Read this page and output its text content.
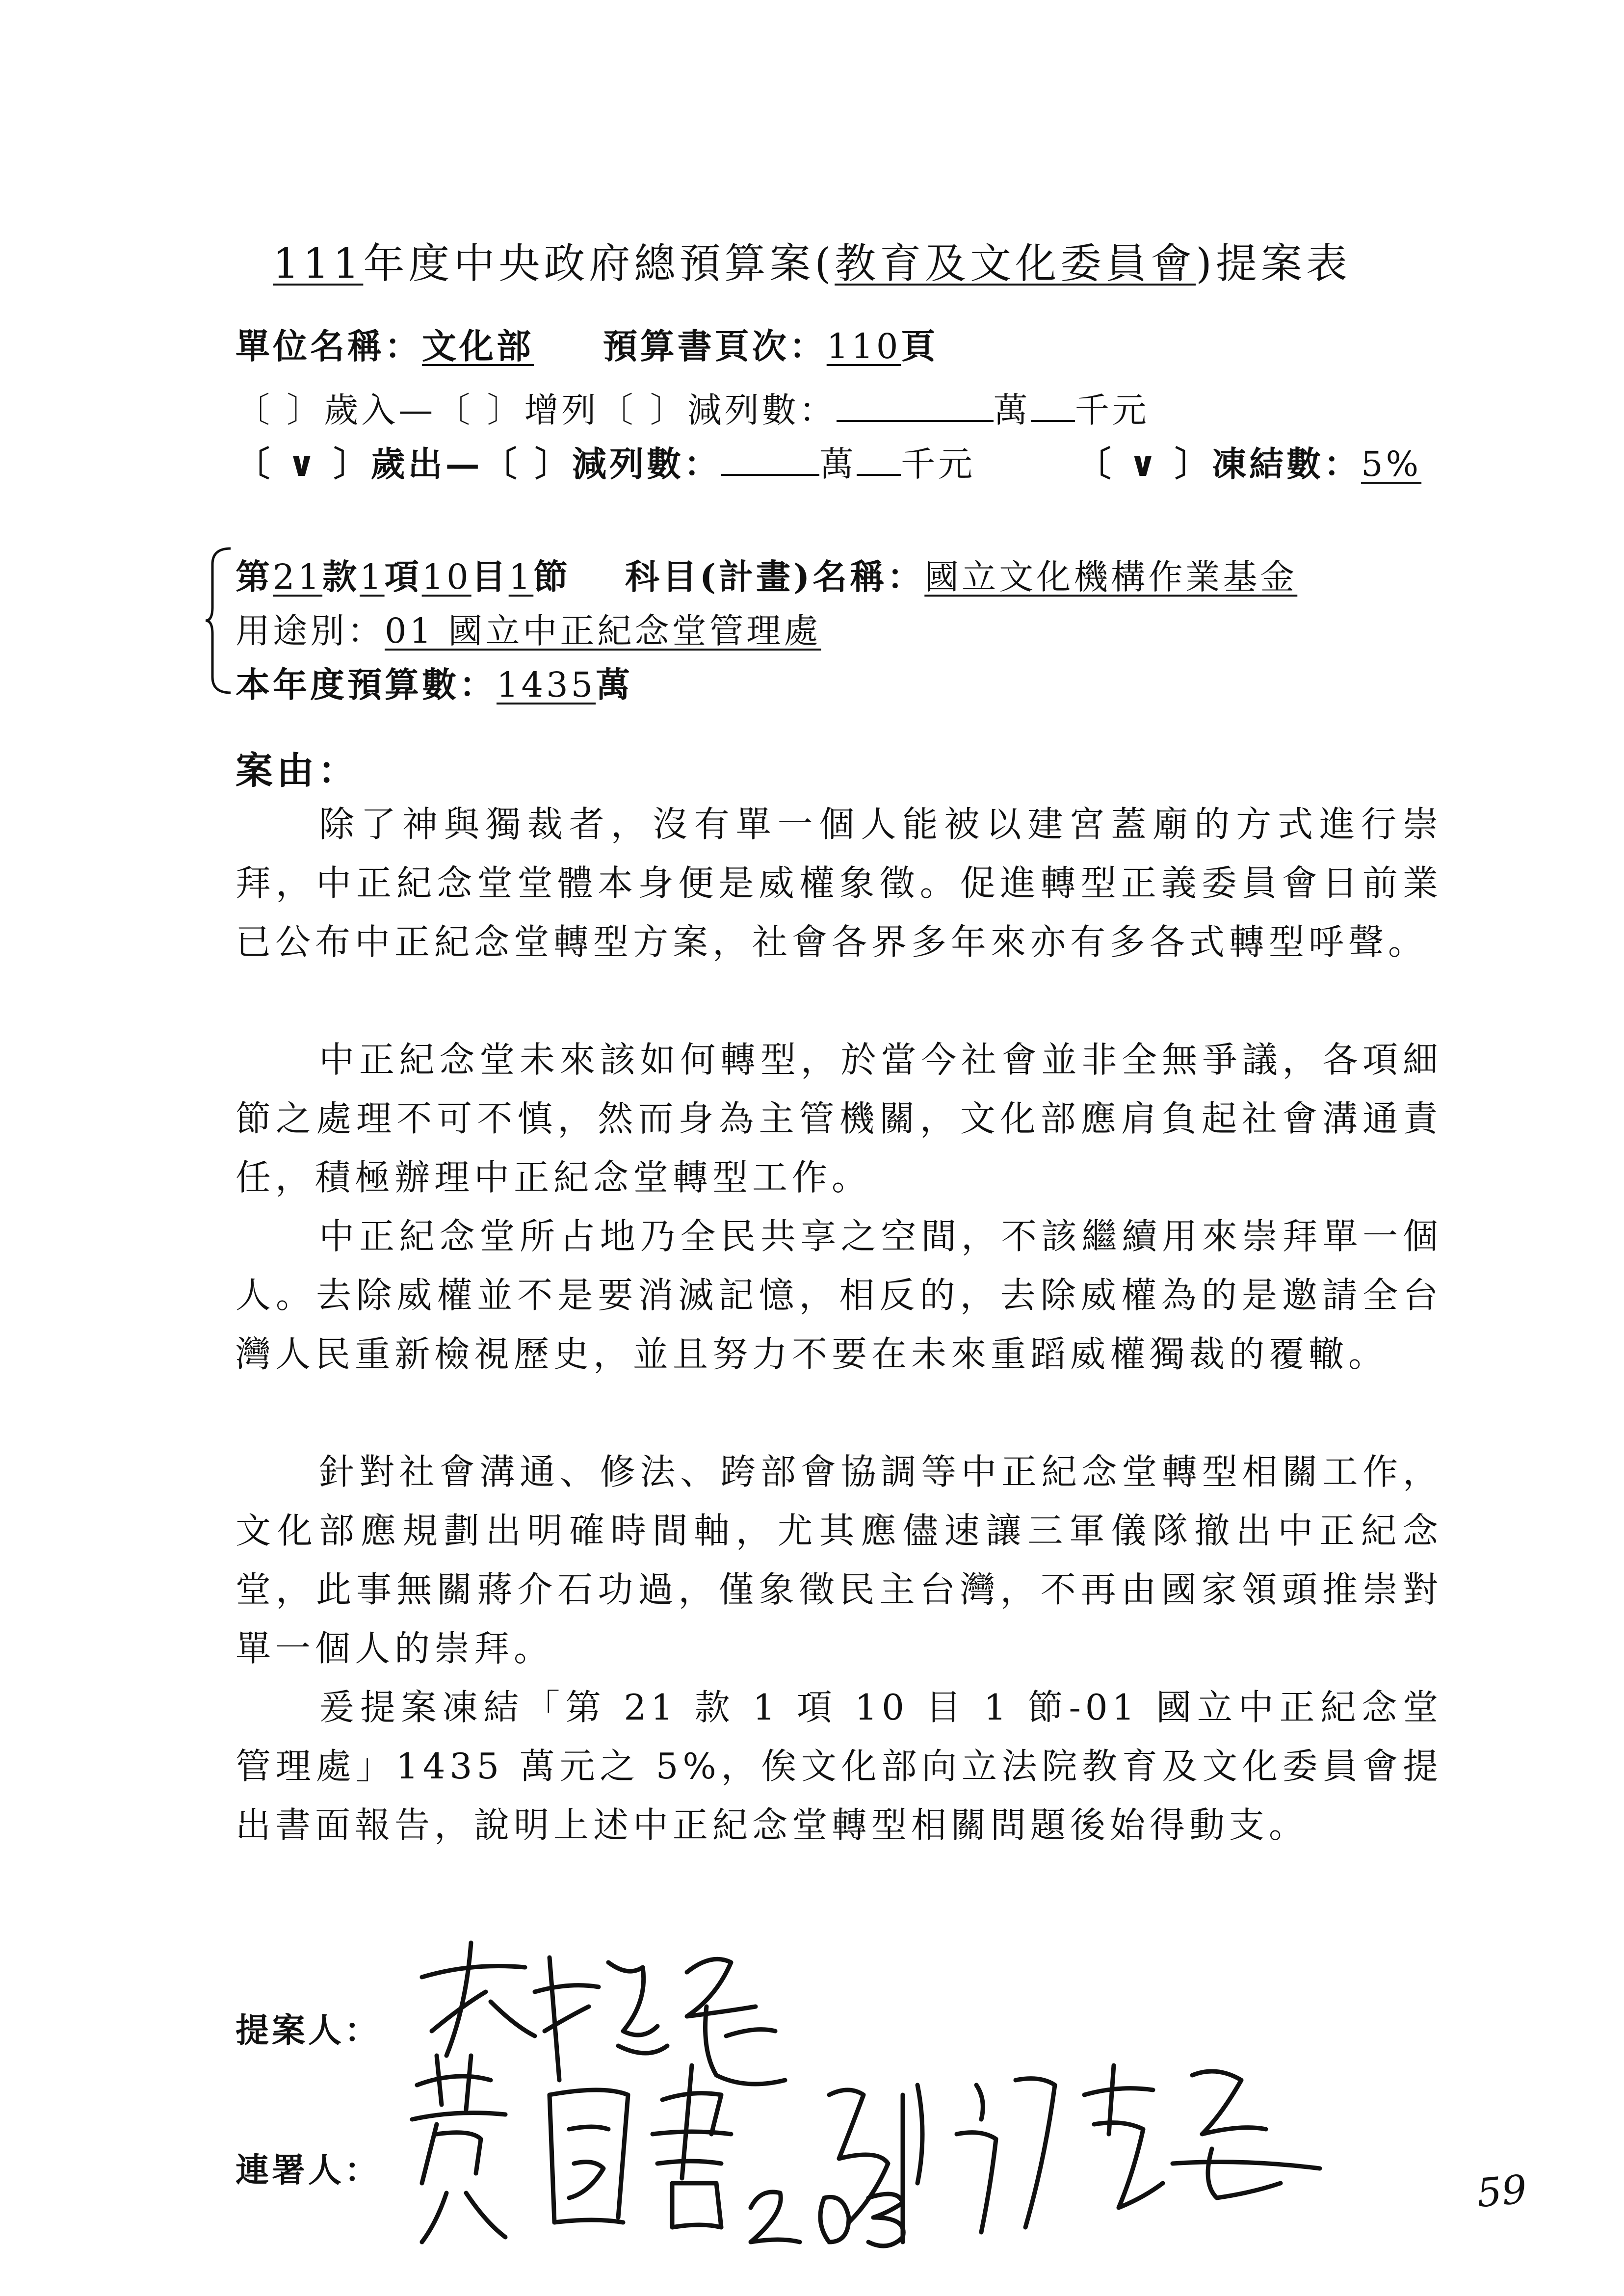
111年度中央政府總預算案(教育及文化委員會)提案表
單位名稱：文化部 預算書頁次：110頁
〔 〕歲入—〔 〕增列〔 〕減列數：	萬 千元
〔 ∨ 〕歲出—〔 〕減列數：	萬 千元	〔 ∨ 〕凍結數：5%
第21款1項10目1節 科目(計畫)名稱：國立文化機構作業基金
用途別：01 國立中正紀念堂管理處
本年度預算數：1435萬
案由：
除了神與獨裁者，沒有單一個人能被以建宮蓋廟的方式進行崇拜，中正紀念堂堂體本身便是威權象徵。促進轉型正義委員會日前業已公布中正紀念堂轉型方案，社會各界多年來亦有多各式轉型呼聲。
中正紀念堂未來該如何轉型，於當今社會並非全無爭議，各項細節之處理不可不慎，然而身為主管機關，文化部應肩負起社會溝通責任，積極辦理中正紀念堂轉型工作。
中正紀念堂所占地乃全民共享之空間，不該繼續用來崇拜單一個人。去除威權並不是要消滅記憶，相反的，去除威權為的是邀請全台灣人民重新檢視歷史，並且努力不要在未來重蹈威權獨裁的覆轍。
針對社會溝通、修法、跨部會協調等中正紀念堂轉型相關工作，文化部應規劃出明確時間軸，尤其應儘速讓三軍儀隊撤出中正紀念堂，此事無關蔣介石功過，僅象徵民主台灣，不再由國家領頭推崇對單一個人的崇拜。
爰提案凍結「第 21 款 1 項 10 目 1 節-01 國立中正紀念堂管理處」1435 萬元之 5%，俟文化部向立法院教育及文化委員會提出書面報告，說明上述中正紀念堂轉型相關問題後始得動支。
提案人：
連署人：	59
